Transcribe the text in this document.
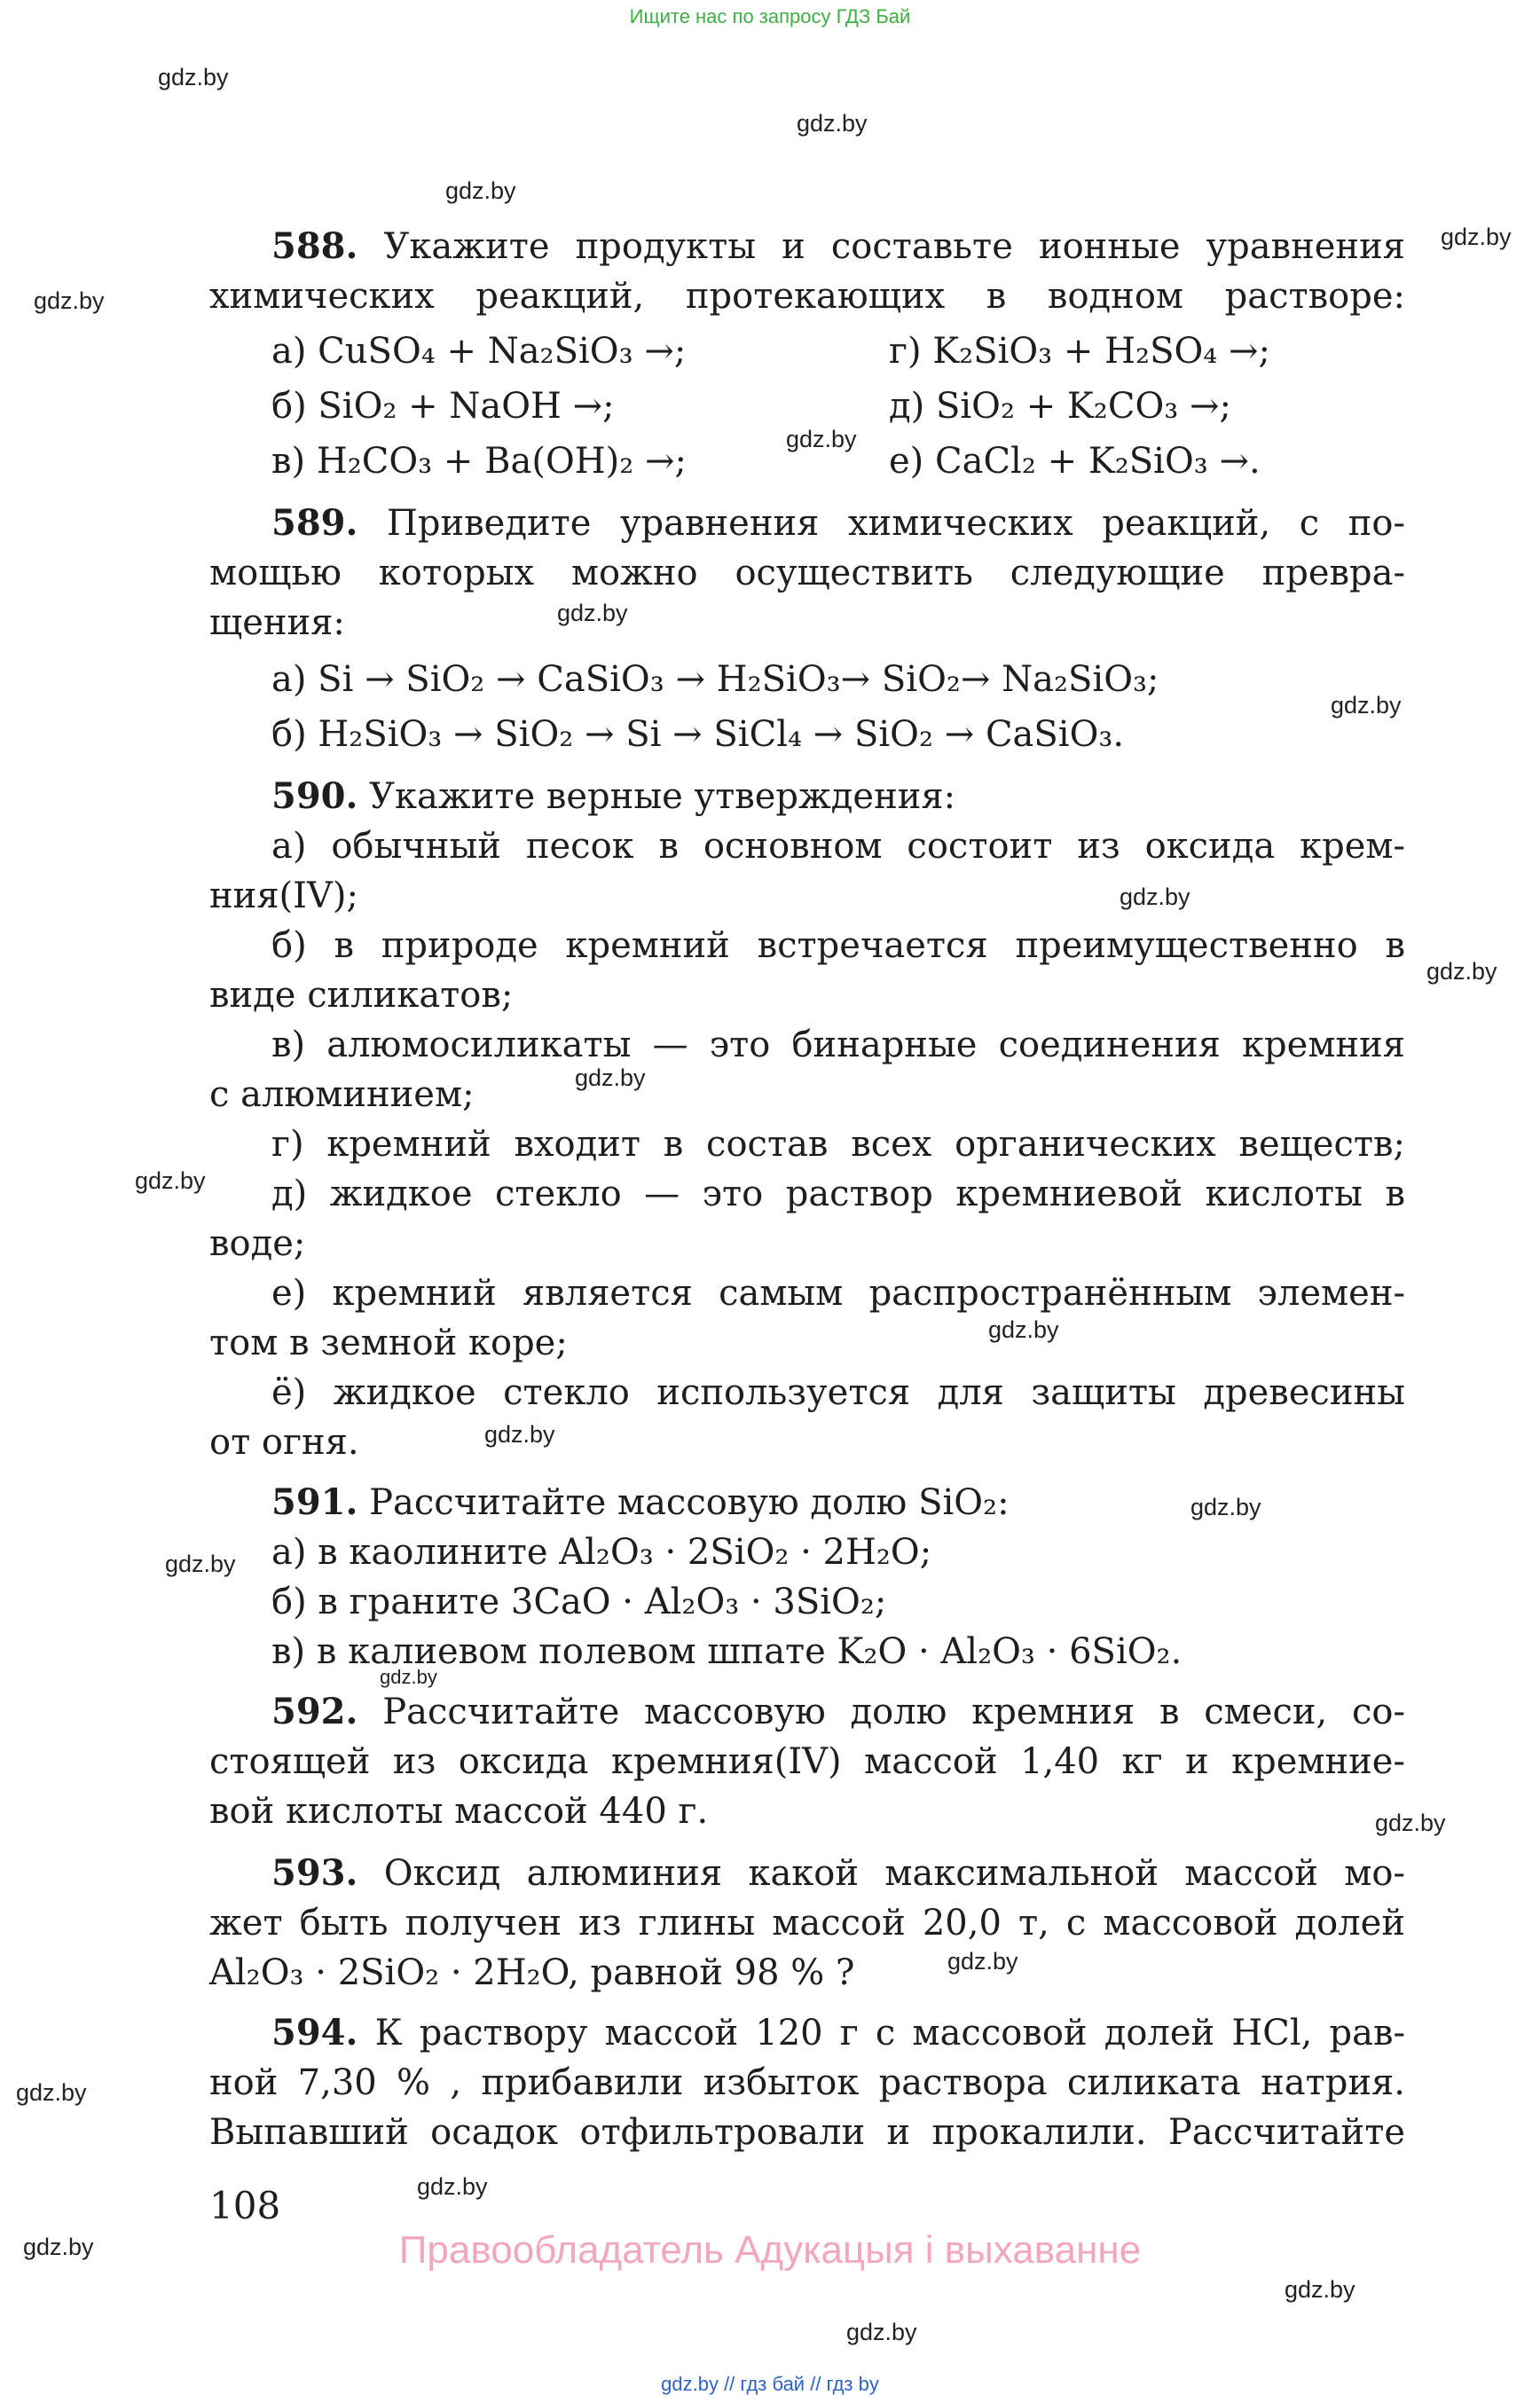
Ищите нас по запросу ГДЗ Бай
gdz.by
gdz.by
gdz.by
gdz.by
gdz.by
gdz.by
gdz.by
gdz.by
gdz.by
gdz.by
gdz.by
gdz.by
gdz.by
gdz.by
gdz.by
gdz.by
gdz.by
gdz.by
gdz.by
gdz.by
gdz.by
gdz.by
gdz.by
gdz.by
588. Укажите продукты и составьте ионные уравнения
химических реакций, протекающих в водном растворе:
а) CuSO₄ + Na₂SiO₃ →;
б) SiO₂ + NaOH →;
в) H₂CO₃ + Ba(OH)₂ →;
г) K₂SiO₃ + H₂SO₄ →;
д) SiO₂ + K₂CO₃ →;
е) CaCl₂ + K₂SiO₃ →.
589. Приведите уравнения химических реакций, с по-
мощью которых можно осуществить следующие превра-
щения:
а) Si → SiO₂ → CaSiO₃ → H₂SiO₃→ SiO₂→ Na₂SiO₃;
б) H₂SiO₃ → SiO₂ → Si → SiCl₄ → SiO₂ → CaSiO₃.
590. Укажите верные утверждения:
а) обычный песок в основном состоит из оксида крем-
ния(IV);
б) в природе кремний встречается преимущественно в
виде силикатов;
в) алюмосиликаты — это бинарные соединения кремния
с алюминием;
г) кремний входит в состав всех органических веществ;
д) жидкое стекло — это раствор кремниевой кислоты в
воде;
е) кремний является самым распространённым элемен-
том в земной коре;
ё) жидкое стекло используется для защиты древесины
от огня.
591. Рассчитайте массовую долю SiO₂:
а) в каолините Al₂O₃ · 2SiO₂ · 2H₂O;
б) в граните 3CaO · Al₂O₃ · 3SiO₂;
в) в калиевом полевом шпате K₂O · Al₂O₃ · 6SiO₂.
592. Рассчитайте массовую долю кремния в смеси, со-
стоящей из оксида кремния(IV) массой 1,40 кг и кремние-
вой кислоты массой 440 г.
593. Оксид алюминия какой максимальной массой мо-
жет быть получен из глины массой 20,0 т, с массовой долей
Al₂O₃ · 2SiO₂ · 2H₂O, равной 98 % ?
594. К раствору массой 120 г с массовой долей HCl, рав-
ной 7,30 % , прибавили избыток раствора силиката натрия.
Выпавший осадок отфильтровали и прокалили. Рассчитайте
108
Правообладатель Адукацыя і выхаванне
gdz.by // гдз бай // гдз by
